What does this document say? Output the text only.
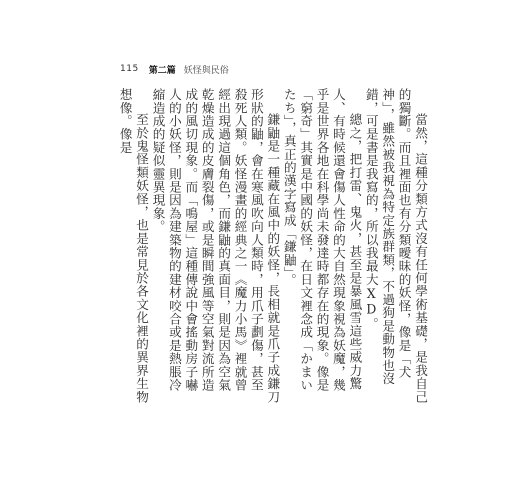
115 第二篇 妖怪與民俗

當然，這種分類方式沒有任何學術基礎，是我自己的獨斷。而且裡面也有分類曖昧的妖怪，像是「犬神」，雖然被我視為特定族群類，不過狗是動物也沒錯，可是書是我寫的，所以我最大XD。

總之，把打雷、鬼火，甚至是暴風雪這些威力驚人、有時候還會傷人性命的大自然現象視為妖魔，幾乎是世界各地在科學尚未發達時都存在的現象。像是「窮奇」其實是中國的妖怪，在日文裡念成「かまいたち」，真正的漢字寫成「鎌鼬」。

鎌鼬是一種藏在風中的妖怪，長相就是爪子成鎌刀形狀的鼬，會在寒風吹向人類時，用爪子劃傷，甚至殺死人類。妖怪漫畫的經典之一《魔力小馬》裡就曾經出現過這個角色，而鎌鼬的真面目，則是因為空氣乾燥造成的皮膚裂傷，或是瞬間強風等空氣對流所造成的風切現象。而「鳴屋」這種傳說中會搖動房子嚇人的小妖怪，則是因為建築物的建材咬合或是熱脹冷縮造成的疑似靈異現象。

至於鬼怪類妖怪，也是常見於各文化裡的異界生物想像。像是
